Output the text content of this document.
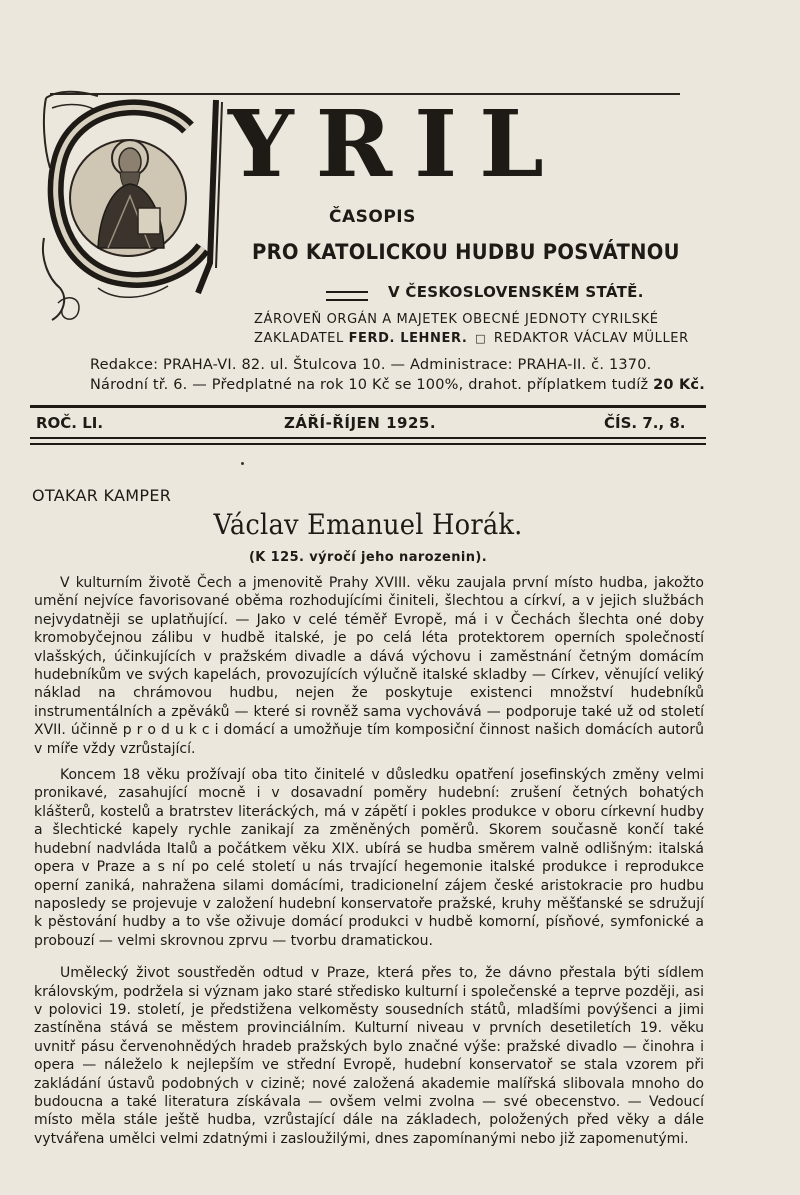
YRIL
ČASOPIS
PRO KATOLICKOU HUDBU POSVÁTNOU
V ČESKOSLOVENSKÉM STÁTĚ.
ZÁROVEŇ ORGÁN A MAJETEK OBECNÉ JEDNOTY CYRILSKÉ
ZAKLADATEL FERD. LEHNER. □ REDAKTOR VÁCLAV MÜLLER
Redakce: PRAHA-VI. 82. ul. Štulcova 10. — Administrace: PRAHA-II. č. 1370.
Národní tř. 6. — Předplatné na rok 10 Kč se 100%, drahot. příplatkem tudíž 20 Kč.
ROČ. LI.	ZÁŘÍ-ŘÍJEN 1925.	ČÍS. 7., 8.
OTAKAR KAMPER
Václav Emanuel Horák.
(K 125. výročí jeho narozenin).

V kulturním životě Čech a jmenovitě Prahy XVIII. věku zaujala první místo hudba, jakožto umění nejvíce favorisované oběma rozhodujícími činiteli, šlechtou a církví, a v jejich službách nejvydatněji se uplatňující. — Jako v celé téměř Evropě, má i v Čechách šlechta oné doby kromobyčejnou zálibu v hudbě italské, je po celá léta protektorem operních společností vlašských, účinkujících v pražském divadle a dává výchovu i zaměstnání četným domácím hudebníkům ve svých kapelách, provozujících výlučně italské skladby — Církev, věnující veliký náklad na chrámovou hudbu, nejen že poskytuje existenci množství hudebníků instrumentálních a zpěváků — které si rovněž sama vychovává — podporuje také už od století XVII. účinně p r o d u k c i domácí a umožňuje tím komposiční činnost našich domácích autorů v míře vždy vzrůstající.

Koncem 18 věku prožívají oba tito činitelé v důsledku opatření josefinských změny velmi pronikavé, zasahující mocně i v dosavadní poměry hudební: zrušení četných bohatých klášterů, kostelů a bratrstev literáckých, má v zápětí i pokles produkce v oboru církevní hudby a šlechtické kapely rychle zanikají za změněných poměrů. Skorem současně končí také hudební nadvláda Italů a počátkem věku XIX. ubírá se hudba směrem valně odlišným: italská opera v Praze a s ní po celé století u nás trvající hegemonie italské produkce i reprodukce operní zaniká, nahražena silami domácími, tradicionelní zájem české aristokracie pro hudbu naposledy se projevuje v založení hudební konservatoře pražské, kruhy měšťanské se sdružují k pěstování hudby a to vše oživuje domácí produkci v hudbě komorní, písňové, symfonické a probouzí — velmi skrovnou zprvu — tvorbu dramatickou.

Umělecký život soustředěn odtud v Praze, která přes to, že dávno přestala býti sídlem královským, podržela si význam jako staré středisko kulturní i společenské a teprve později, asi v polovici 19. století, je předstižena velkoměsty sousedních států, mladšími povýšenci a jimi zastíněna stává se městem provinciálním. Kulturní niveau v prvních desetiletích 19. věku uvnitř pásu červenohnědých hradeb pražských bylo značné výše: pražské divadlo — činohra i opera — náleželo k nejlepším ve střední Evropě, hudební konservatoř se stala vzorem při zakládání ústavů podobných v cizině; nové založená akademie malířská slibovala mnoho do budoucna a také literatura získávala — ovšem velmi zvolna — své obecenstvo. — Vedoucí místo měla stále ještě hudba, vzrůstající dále na základech, položených před věky a dále vytvářena umělci velmi zdatnými i zasloužilými, dnes zapomínanými nebo již zapomenutými.
